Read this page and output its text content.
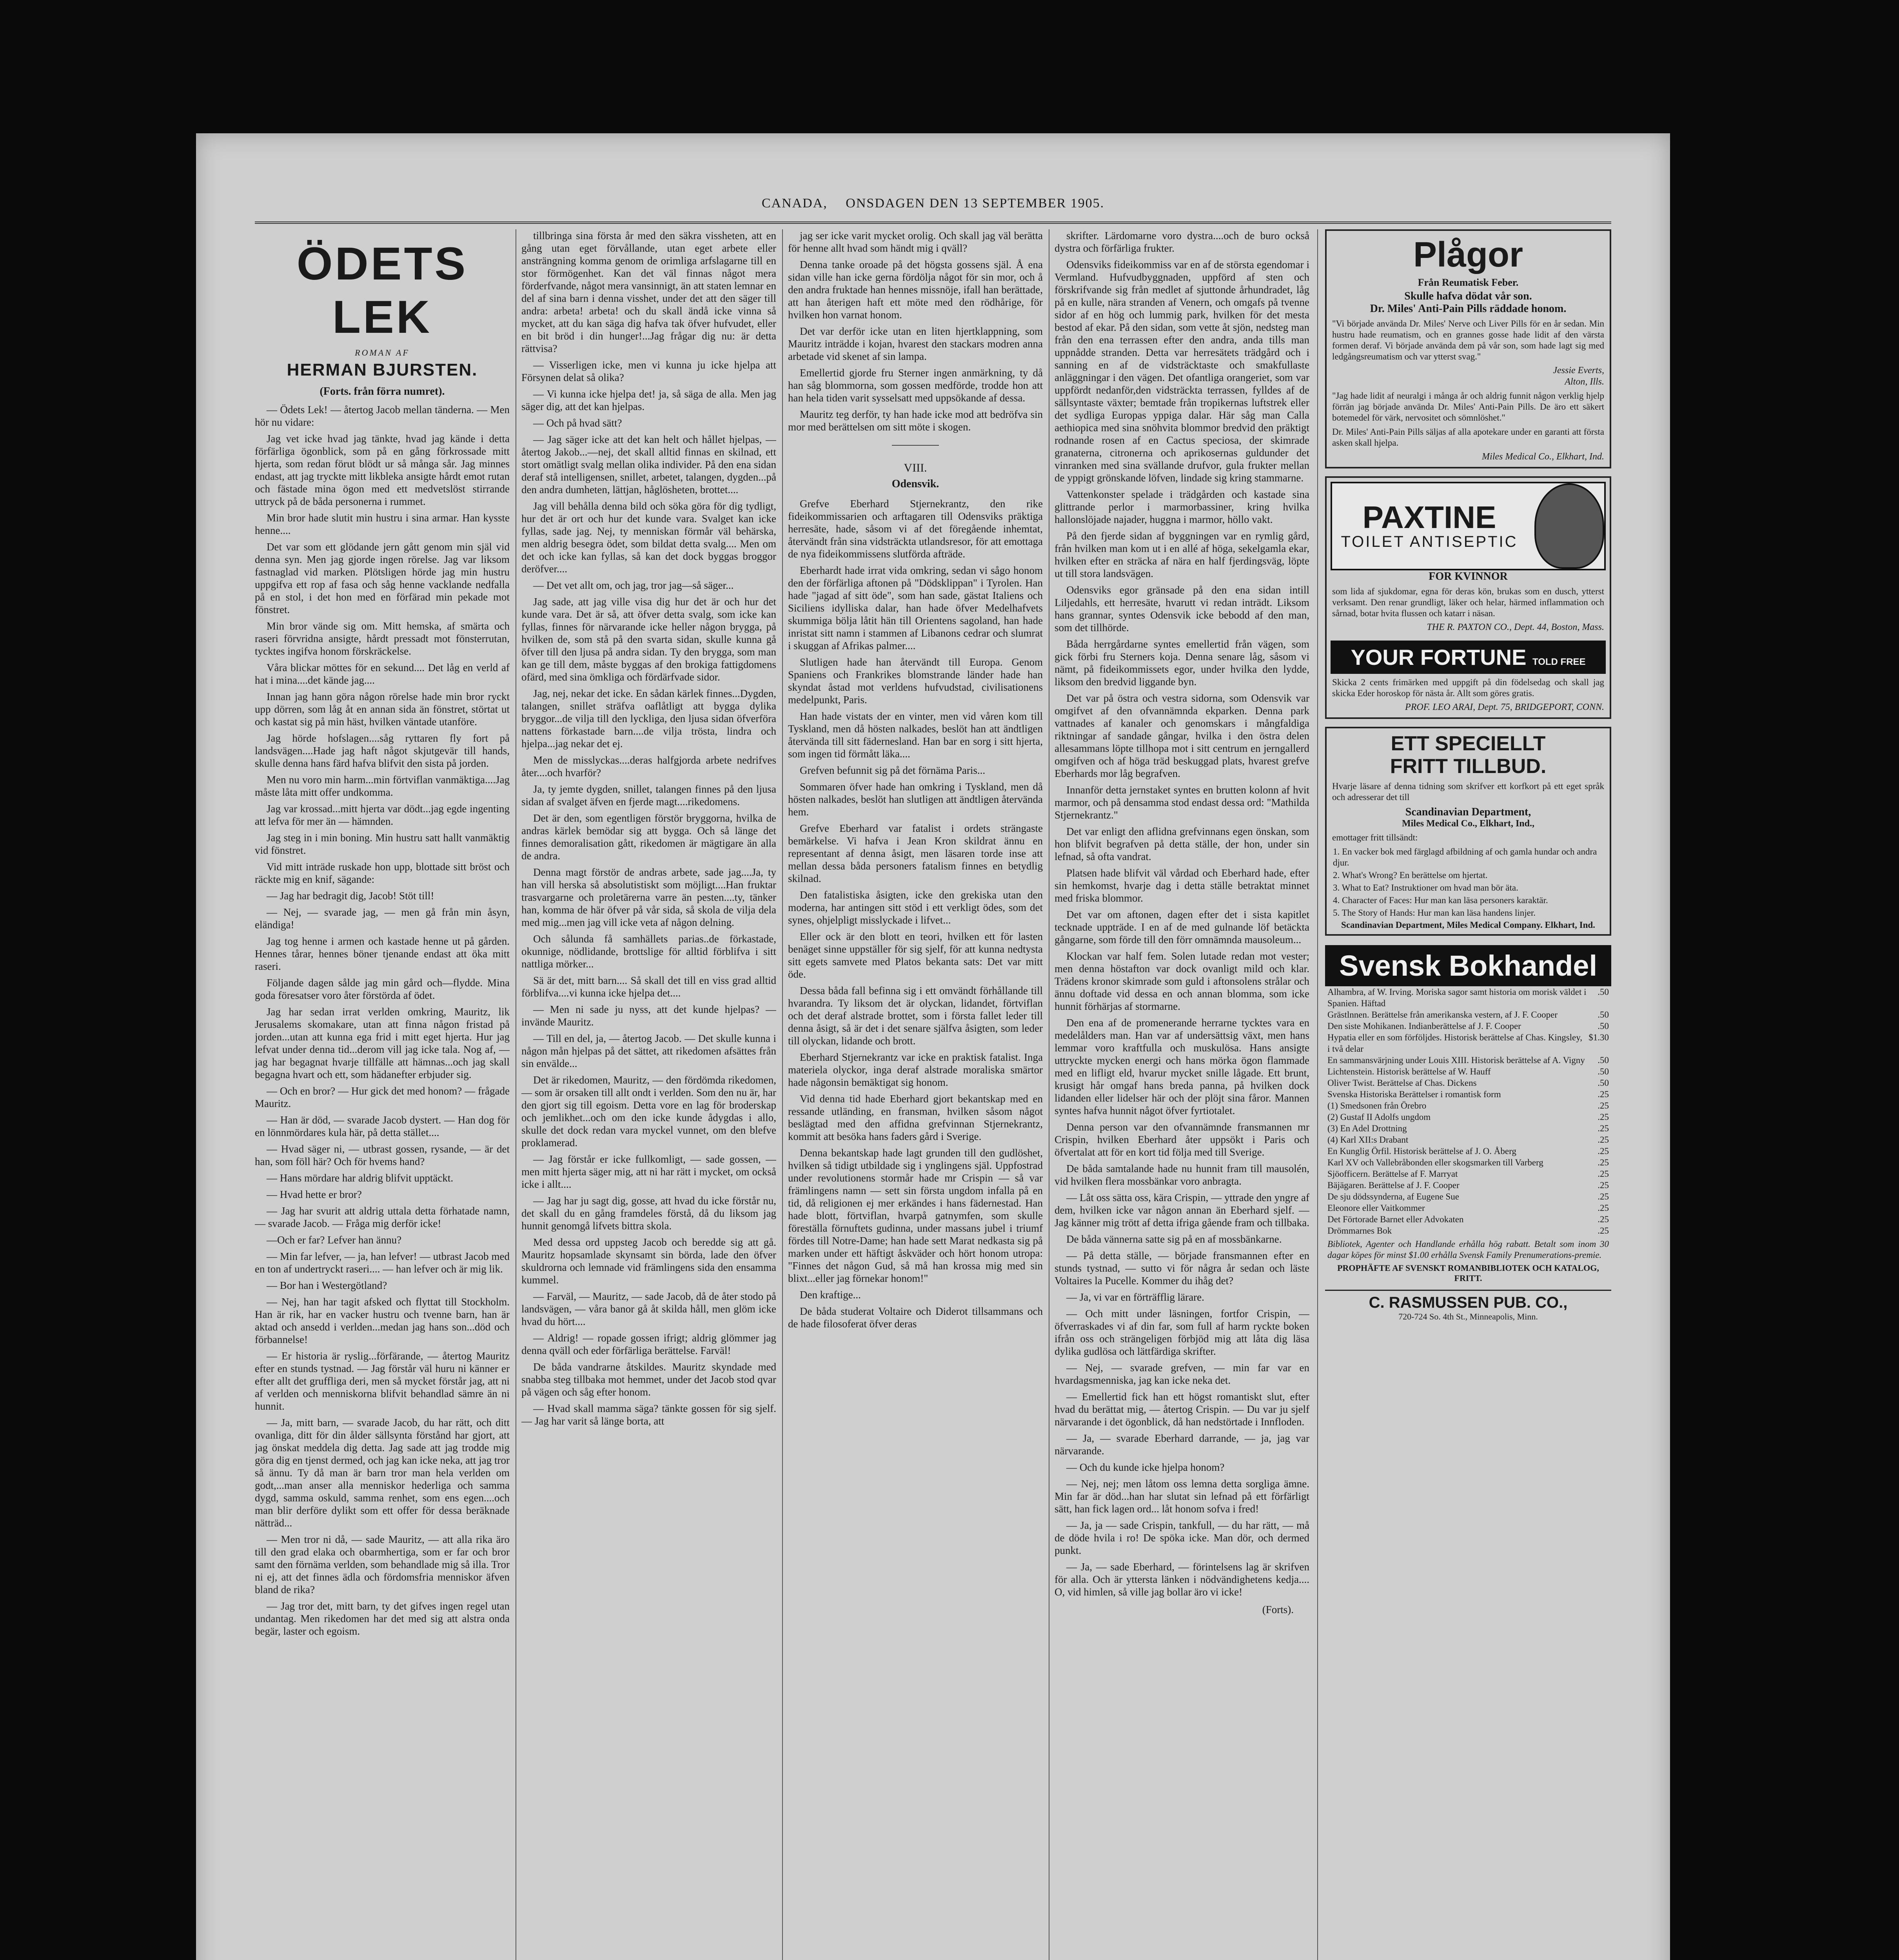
CANADA, ONSDAGEN DEN 13 SEPTEMBER 1905.
ÖDETS LEK
ROMAN AF
HERMAN BJURSTEN.
(Forts. från förra numret).

— Ödets Lek! — återtog Jacob mellan tänderna. — Men hör nu vidare:

Jag vet icke hvad jag tänkte, hvad jag kände i detta förfärliga ögonblick, som på en gång förkrossade mitt hjerta, som redan förut blödt ur så många sår. Jag minnes endast, att jag tryckte mitt likbleka ansigte hårdt emot rutan och fästade mina ögon med ett medvetslöst stirrande uttryck på de båda personerna i rummet.

Min bror hade slutit min hustru i sina armar. Han kysste henne....

Det var som ett glödande jern gått genom min själ vid denna syn. Men jag gjorde ingen rörelse. Jag var liksom fastnaglad vid marken. Plötsligen hörde jag min hustru uppgifva ett rop af fasa och såg henne vacklande nedfalla på en stol, i det hon med en förfärad min pekade mot fönstret.

Min bror vände sig om. Mitt hemska, af smärta och raseri förvridna ansigte, hårdt pressadt mot fönsterrutan, tycktes ingifva honom förskräckelse.

Våra blickar möttes för en sekund.... Det låg en verld af hat i mina....det kände jag....

Innan jag hann göra någon rörelse hade min bror ryckt upp dörren, som låg åt en annan sida än fönstret, störtat ut och kastat sig på min häst, hvilken väntade utanföre.

Jag hörde hofslagen....såg ryttaren fly fort på landsvägen....Hade jag haft något skjutgevär till hands, skulle denna hans färd hafva blifvit den sista på jorden.

Men nu voro min harm...min förtviflan vanmäktiga....Jag måste låta mitt offer undkomma.

Jag var krossad...mitt hjerta var dödt...jag egde ingenting att lefva för mer än — hämnden.

Jag steg in i min boning. Min hustru satt hallt vanmäktig vid fönstret.

Vid mitt inträde ruskade hon upp, blottade sitt bröst och räckte mig en knif, sägande:

— Jag har bedragit dig, Jacob! Stöt till!

— Nej, — svarade jag, — men gå från min åsyn, eländiga!

Jag tog henne i armen och kastade henne ut på gården. Hennes tårar, hennes böner tjenande endast att öka mitt raseri.

Följande dagen sålde jag min gård och—flydde. Mina goda föresatser voro åter förstörda af ödet.

Jag har sedan irrat verlden omkring, Mauritz, lik Jerusalems skomakare, utan att finna någon fristad på jorden...utan att kunna ega frid i mitt eget hjerta. Hur jag lefvat under denna tid...derom vill jag icke tala. Nog af, — jag har begagnat hvarje tillfälle att hämnas...och jag skall begagna hvart och ett, som hädanefter erbjuder sig.

— Och en bror? — Hur gick det med honom? — frågade Mauritz.

— Han är död, — svarade Jacob dystert. — Han dog för en lönnmördares kula här, på detta stället....

— Hvad säger ni, — utbrast gossen, rysande, — är det han, som föll här? Och för hvems hand?

— Hans mördare har aldrig blifvit upptäckt.

— Hvad hette er bror?

— Jag har svurit att aldrig uttala detta förhatade namn, — svarade Jacob. — Fråga mig derför icke!

—Och er far? Lefver han ännu?

— Min far lefver, — ja, han lefver! — utbrast Jacob med en ton af undertryckt raseri.... — han lefver och är mig lik.

— Bor han i Westergötland?

— Nej, han har tagit afsked och flyttat till Stockholm. Han är rik, har en vacker hustru och tvenne barn, han är aktad och ansedd i verlden...medan jag hans son...död och förbannelse!

— Er historia är ryslig...förfärande, — återtog Mauritz efter en stunds tystnad. — Jag förstår väl huru ni känner er efter allt det gruffliga deri, men så mycket förstår jag, att ni af verlden och menniskorna blifvit behandlad sämre än ni hunnit.

— Ja, mitt barn, — svarade Jacob, du har rätt, och ditt ovanliga, ditt för din ålder sällsynta förstånd har gjort, att jag önskat meddela dig detta. Jag sade att jag trodde mig göra dig en tjenst dermed, och jag kan icke neka, att jag tror så ännu. Ty då man är barn tror man hela verlden om godt,...man anser alla menniskor hederliga och samma dygd, samma oskuld, samma renhet, som ens egen....och man blir derföre dylikt som ett offer för dessa beräknade nätträd...

— Men tror ni då, — sade Mauritz, — att alla rika äro till den grad elaka och obarmhertiga, som er far och bror samt den förnäma verlden, som behandlade mig så illa. Tror ni ej, att det finnes ädla och fördomsfria menniskor äfven bland de rika?

— Jag tror det, mitt barn, ty det gifves ingen regel utan undantag. Men rikedomen har det med sig att alstra onda begär, laster och egoism.

tillbringa sina första år med den säkra vissheten, att en gång utan eget förvållande, utan eget arbete eller ansträngning komma genom de orimliga arfslagarne till en stor förmögenhet. Kan det väl finnas något mera förderfvande, något mera vansinnigt, än att staten lemnar en del af sina barn i denna visshet, under det att den säger till andra: arbeta! arbeta! och du skall ändå icke vinna så mycket, att du kan säga dig hafva tak öfver hufvudet, eller en bit bröd i din hunger!...Jag frågar dig nu: är detta rättvisa?

— Visserligen icke, men vi kunna ju icke hjelpa att Försynen delat så olika?

— Vi kunna icke hjelpa det! ja, så säga de alla. Men jag säger dig, att det kan hjelpas.

— Och på hvad sätt?

— Jag säger icke att det kan helt och hållet hjelpas, — återtog Jakob...—nej, det skall alltid finnas en skilnad, ett stort omätligt svalg mellan olika individer. På den ena sidan deraf stå intelligensen, snillet, arbetet, talangen, dygden...på den andra dumheten, lättjan, håglösheten, brottet....

Jag vill behålla denna bild och söka göra för dig tydligt, hur det är ort och hur det kunde vara. Svalget kan icke fyllas, sade jag. Nej, ty menniskan förmår väl behärska, men aldrig besegra ödet, som bildat detta svalg.... Men om det och icke kan fyllas, så kan det dock byggas broggor deröfver....

— Det vet allt om, och jag, tror jag—så säger...

Jag sade, att jag ville visa dig hur det är och hur det kunde vara. Det är så, att öfver detta svalg, som icke kan fyllas, finnes för närvarande icke heller någon brygga, på hvilken de, som stå på den svarta sidan, skulle kunna gå öfver till den ljusa på andra sidan. Ty den brygga, som man kan ge till dem, måste byggas af den brokiga fattigdomens ofärd, med sina ömkliga och fördärfvade sidor.

Jag, nej, nekar det icke. En sådan kärlek finnes...Dygden, talangen, snillet sträfva oaflåtligt att bygga dylika bryggor...de vilja till den lyckliga, den ljusa sidan öfverföra nattens förkastade barn....de vilja trösta, lindra och hjelpa...jag nekar det ej.

Men de misslyckas....deras halfgjorda arbete nedrifves åter....och hvarför?

Ja, ty jemte dygden, snillet, talangen finnes på den ljusa sidan af svalget äfven en fjerde magt....rikedomens.

Det är den, som egentligen förstör bryggorna, hvilka de andras kärlek bemödar sig att bygga. Och så länge det finnes demoralisation gått, rikedomen är mägtigare än alla de andra.

Denna magt förstör de andras arbete, sade jag....Ja, ty han vill herska så absolutistiskt som möjligt....Han fruktar trasvargarne och proletärerna varre än pesten....ty, tänker han, komma de här öfver på vår sida, så skola de vilja dela med mig...men jag vill icke veta af någon delning.

Och sålunda få samhällets parias..de förkastade, okunnige, nödlidande, brottslige för alltid förblifva i sitt nattliga mörker...

Sä är det, mitt barn.... Så skall det till en viss grad alltid förblifva....vi kunna icke hjelpa det....

— Men ni sade ju nyss, att det kunde hjelpas? — invände Mauritz.

— Till en del, ja, — återtog Jacob. — Det skulle kunna i någon mån hjelpas på det sättet, att rikedomen afsättes från sin envälde...

Det är rikedomen, Mauritz, — den fördömda rikedomen, — som är orsaken till allt ondt i verlden. Som den nu är, har den gjort sig till egoism. Detta vore en lag för broderskap och jemlikhet...och om den icke kunde ådygdas i allo, skulle det dock redan vara myckel vunnet, om den blefve proklamerad.

— Jag förstår er icke fullkomligt, — sade gossen, — men mitt hjerta säger mig, att ni har rätt i mycket, om också icke i allt....

— Jag har ju sagt dig, gosse, att hvad du icke förstår nu, det skall du en gång framdeles förstå, då du liksom jag hunnit genomgå lifvets bittra skola.

Med dessa ord uppsteg Jacob och beredde sig att gå. Mauritz hopsamlade skynsamt sin börda, lade den öfver skuldrorna och lemnade vid främlingens sida den ensamma kummel.

— Farväl, — Mauritz, — sade Jacob, då de åter stodo på landsvägen, — våra banor gå åt skilda håll, men glöm icke hvad du hört....

— Aldrig! — ropade gossen ifrigt; aldrig glömmer jag denna qväll och eder förfärliga berättelse. Farväl!

De båda vandrarne åtskildes. Mauritz skyndade med snabba steg tillbaka mot hemmet, under det Jacob stod qvar på vägen och såg efter honom.

— Hvad skall mamma säga? tänkte gossen för sig sjelf. — Jag har varit så länge borta, att

jag ser icke varit mycket orolig. Och skall jag väl berätta för henne allt hvad som händt mig i qväll?

Denna tanke oroade på det högsta gossens själ. Å ena sidan ville han icke gerna fördölja något för sin mor, och å den andra fruktade han hennes missnöje, ifall han berättade, att han återigen haft ett möte med den rödhårige, för hvilken hon varnat honom.

Det var derför icke utan en liten hjertklappning, som Mauritz inträdde i kojan, hvarest den stackars modren anna arbetade vid skenet af sin lampa.

Emellertid gjorde fru Sterner ingen anmärkning, ty då han såg blommorna, som gossen medförde, trodde hon att han hela tiden varit sysselsatt med uppsökande af dessa.

Mauritz teg derför, ty han hade icke mod att bedröfva sin mor med berättelsen om sitt möte i skogen.

VIII.
Odensvik.

Grefve Eberhard Stjernekrantz, den rike fideikommissarien och arftagaren till Odensviks präktiga herresäte, hade, såsom vi af det föregående inhemtat, återvändt från sina vidsträckta utlandsresor, för att emottaga de nya fideikommissens slutförda afträde.

Eberhardt hade irrat vida omkring, sedan vi sågo honom den der förfärliga aftonen på "Dödsklippan" i Tyrolen. Han hade "jagad af sitt öde", som han sade, gästat Italiens och Siciliens idylliska dalar, han hade öfver Medelhafvets skummiga bölja låtit hän till Orientens sagoland, han hade inristat sitt namn i stammen af Libanons cedrar och slumrat i skuggan af Afrikas palmer....

Slutligen hade han återvändt till Europa. Genom Spaniens och Frankrikes blomstrande länder hade han skyndat åstad mot verldens hufvudstad, civilisationens medelpunkt, Paris.

Han hade vistats der en vinter, men vid våren kom till Tyskland, men då hösten nalkades, beslöt han att ändtligen återvända till sitt fädernesland. Han bar en sorg i sitt hjerta, som ingen tid förmått läka....

Grefven befunnit sig på det förnäma Paris...

Sommaren öfver hade han omkring i Tyskland, men då hösten nalkades, beslöt han slutligen att ändtligen återvända hem.

Grefve Eberhard var fatalist i ordets strängaste bemärkelse. Vi hafva i Jean Kron skildrat ännu en representant af denna åsigt, men läsaren torde inse att mellan dessa båda personers fatalism finnes en betydlig skilnad.

Den fatalistiska åsigten, icke den grekiska utan den moderna, har antingen sitt stöd i ett verkligt ödes, som det synes, ohjelpligt misslyckade i lifvet...

Eller ock är den blott en teori, hvilken ett för lasten benäget sinne uppställer för sig sjelf, för att kunna nedtysta sitt egets samvete med Platos bekanta sats: Det var mitt öde.

Dessa båda fall befinna sig i ett omvändt förhållande till hvarandra. Ty liksom det är olyckan, lidandet, förtviflan och det deraf alstrade brottet, som i första fallet leder till denna åsigt, så är det i det senare själfva åsigten, som leder till olyckan, lidande och brott.

Eberhard Stjernekrantz var icke en praktisk fatalist. Inga materiela olyckor, inga deraf alstrade moraliska smärtor hade någonsin bemäktigat sig honom.

Vid denna tid hade Eberhard gjort bekantskap med en ressande utländing, en fransman, hvilken såsom något beslägtad med den affidna grefvinnan Stjernekrantz, kommit att besöka hans faders gård i Sverige.

Denna bekantskap hade lagt grunden till den gudlöshet, hvilken så tidigt utbildade sig i ynglingens själ. Uppfostrad under revolutionens stormår hade mr Crispin — så var främlingens namn — sett sin första ungdom infalla på en tid, då religionen ej mer erkändes i hans fädernestad. Han hade blott, förtviflan, hvarpå gatnymfen, som skulle föreställa förnuftets gudinna, under massans jubel i triumf fördes till Notre-Dame; han hade sett Marat nedkasta sig på marken under ett häftigt åskväder och hört honom utropa: "Finnes det någon Gud, så må han krossa mig med sin blixt...eller jag förnekar honom!"

Den kraftige...

De båda studerat Voltaire och Diderot tillsammans och de hade filosoferat öfver deras

skrifter. Lärdomarne voro dystra....och de buro också dystra och förfärliga frukter.

Odensviks fideikommiss var en af de största egendomar i Vermland. Hufvudbyggnaden, uppförd af sten och förskrifvande sig från medlet af sjuttonde århundradet, låg på en kulle, nära stranden af Venern, och omgafs på tvenne sidor af en hög och lummig park, hvilken för det mesta bestod af ekar. På den sidan, som vette åt sjön, nedsteg man från den ena terrassen efter den andra, anda tills man uppnådde stranden. Detta var herresätets trädgård och i sanning en af de vidsträcktaste och smakfullaste anläggningar i den vägen. Det ofantliga orangeriet, som var uppfördt nedanför,den vidsträckta terrassen, fylldes af de sällsyntaste växter; bemtade från tropikernas luftstrek eller det sydliga Europas yppiga dalar. Här såg man Calla aethiopica med sina snöhvita blommor bredvid den präktigt rodnande rosen af en Cactus speciosa, der skimrade granaterna, citronerna och aprikosernas guldunder det vinranken med sina svällande drufvor, gula frukter mellan de yppigt grönskande löfven, lindade sig kring stammarne.

Vattenkonster spelade i trädgården och kastade sina glittrande perlor i marmorbassiner, kring hvilka hallonslöjade najader, huggna i marmor, höllo vakt.

På den fjerde sidan af byggningen var en rymlig gård, från hvilken man kom ut i en allé af höga, sekelgamla ekar, hvilken efter en sträcka af nära en half fjerdingsväg, löpte ut till stora landsvägen.

Odensviks egor gränsade på den ena sidan intill Liljedahls, ett herresäte, hvarutt vi redan inträdt. Liksom hans grannar, syntes Odensvik icke bebodd af den man, som det tillhörde.

Båda herrgårdarne syntes emellertid från vägen, som gick förbi fru Sterners koja. Denna senare låg, såsom vi nämt, på fideikommissets egor, under hvilka den lydde, liksom den bredvid liggande byn.

Det var på östra och vestra sidorna, som Odensvik var omgifvet af den ofvannämnda ekparken. Denna park vattnades af kanaler och genomskars i mångfaldiga riktningar af sandade gångar, hvilka i den östra delen allesammans löpte tillhopa mot i sitt centrum en jerngallerd omgifven och af höga träd beskuggad plats, hvarest grefve Eberhards mor låg begrafven.

Innanför detta jernstaket syntes en brutten kolonn af hvit marmor, och på densamma stod endast dessa ord: "Mathilda Stjernekrantz."

Det var enligt den aflidna grefvinnans egen önskan, som hon blifvit begrafven på detta ställe, der hon, under sin lefnad, så ofta vandrat.

Platsen hade blifvit väl vårdad och Eberhard hade, efter sin hemkomst, hvarje dag i detta ställe betraktat minnet med friska blommor.

Det var om aftonen, dagen efter det i sista kapitlet tecknade uppträde. I en af de med gulnande löf betäckta gångarne, som förde till den förr omnämnda mausoleum...

Klockan var half fem. Solen lutade redan mot vester; men denna höstafton var dock ovanligt mild och klar. Trädens kronor skimrade som guld i aftonsolens strålar och ännu doftade vid dessa en och annan blomma, som icke hunnit förhärjas af stormarne.

Den ena af de promenerande herrarne tycktes vara en medelålders man. Han var af undersättsig växt, men hans lemmar voro kraftfulla och muskulösa. Hans ansigte uttryckte mycken energi och hans mörka ögon flammade med en lifligt eld, hvarur mycket snille lågade. Ett brunt, krusigt hår omgaf hans breda panna, på hvilken dock lidanden eller lidelser här och der plöjt sina fåror. Mannen syntes hafva hunnit något öfver fyrtiotalet.

Denna person var den ofvannämnde fransmannen mr Crispin, hvilken Eberhard åter uppsökt i Paris och öfvertalat att för en kort tid följa med till Sverige.

De båda samtalande hade nu hunnit fram till mausolén, vid hvilken flera mossbänkar voro anbragta.

— Låt oss sätta oss, kära Crispin, — yttrade den yngre af dem, hvilken icke var någon annan än Eberhard sjelf. — Jag känner mig trött af detta ifriga gående fram och tillbaka.

De båda vännerna satte sig på en af mossbänkarne.

— På detta ställe, — började fransmannen efter en stunds tystnad, — sutto vi för några år sedan och läste Voltaires la Pucelle. Kommer du ihåg det?

— Ja, vi var en förträfflig lärare.

— Och mitt under läsningen, fortfor Crispin, — öfverraskades vi af din far, som full af harm ryckte boken ifrån oss och strängeligen förbjöd mig att låta dig läsa dylika gudlösa och lättfärdiga skrifter.

— Nej, — svarade grefven, — min far var en hvardagsmenniska, jag kan icke neka det.

— Emellertid fick han ett högst romantiskt slut, efter hvad du berättat mig, — återtog Crispin. — Du var ju sjelf närvarande i det ögonblick, då han nedstörtade i Innfloden.

— Ja, — svarade Eberhard darrande, — ja, jag var närvarande.

— Och du kunde icke hjelpa honom?

— Nej, nej; men låtom oss lemna detta sorgliga ämne. Min far är död...han har slutat sin lefnad på ett förfärligt sätt, han fick lagen ord... låt honom sofva i fred!

— Ja, ja — sade Crispin, tankfull, — du har rätt, — må de döde hvila i ro! De spöka icke. Man dör, och dermed punkt.

— Ja, — sade Eberhard, — förintelsens lag är skrifven för alla. Och är yttersta länken i nödvändighetens kedja.... O, vid himlen, så ville jag bollar äro vi icke!

(Forts).
Plågor
Från Reumatisk Feber.
Skulle hafva dödat vår son.
Dr. Miles' Anti-Pain Pills räddade honom.
"Vi började använda Dr. Miles' Nerve och Liver Pills för en år sedan. Min hustru hade reumatism, och en grannes gosse hade lidit af den värsta formen deraf. Vi började använda dem på vår son, som hade lagt sig med ledgångsreumatism och var ytterst svag."
Jessie Everts,
Alton, Ills.
"Jag hade lidit af neuralgi i många år och aldrig funnit någon verklig hjelp förrän jag började använda Dr. Miles' Anti-Pain Pills. De äro ett säkert botemedel för värk, nervositet och sömnlöshet."
Dr. Miles' Anti-Pain Pills säljas af alla apotekare under en garanti att första asken skall hjelpa.
Miles Medical Co., Elkhart, Ind.
PAXTINE
TOILET ANTISEPTIC
FOR KVINNOR
som lida af sjukdomar, egna för deras kön, brukas som en dusch, ytterst verksamt. Den renar grundligt, läker och helar, härmed inflammation och sårnad, botar hvita flussen och katarr i näsan.
THE R. PAXTON CO., Dept. 44, Boston, Mass.
YOUR FORTUNE TOLD FREE
Skicka 2 cents frimärken med uppgift på din födelsedag och skall jag skicka Eder horoskop för nästa år. Allt som göres gratis.
PROF. LEO ARAI, Dept. 75, BRIDGEPORT, CONN.
ETT SPECIELLT
FRITT TILLBUD.
Hvarje läsare af denna tidning som skrifver ett korfkort på ett eget språk och adresserar det till
Scandinavian Department,
Miles Medical Co., Elkhart, Ind.,
emottager fritt tillsändt:
1. En vacker bok med färglagd afbildning af och gamla hundar och andra djur.
2. What's Wrong? En berättelse om hjertat.
3. What to Eat? Instruktioner om hvad man bör äta.
4. Character of Faces: Hur man kan läsa personers karaktär.
5. The Story of Hands: Hur man kan läsa handens linjer.
Scandinavian Department, Miles Medical Company. Elkhart, Ind.
Svensk Bokhandel
Alhambra, af W. Irving. Moriska sagor samt historia om morisk väldet i Spanien. Häftad
.50
Grästlnnen. Berättelse från amerikanska vestern, af J. F. Cooper	.50
Den siste Mohikanen. Indianberättelse af J. F. Cooper	.50
Hypatia eller en som förföljdes. Historisk berättelse af Chas. Kingsley, i två delar
$1.30
En sammansvärjning under Louis XIII. Historisk berättelse af A. Vigny	.50
Lichtenstein. Historisk berättelse af W. Hauff	.50
Oliver Twist. Berättelse af Chas. Dickens	.50
Svenska Historiska Berättelser i romantisk form	.25
(1) Smedsonen från Örebro	.25
(2) Gustaf II Adolfs ungdom	.25
(3) En Adel Drottning	.25
(4) Karl XII:s Drabant	.25
En Kunglig Örfil. Historisk berättelse af J. O. Åberg	.25
Karl XV och Vallebråbonden eller skogsmarken till Varberg	.25
Sjöofficern. Berättelse af F. Marryat	.25
Bäjägaren. Berättelse af J. F. Cooper	.25
De sju dödssynderna, af Eugene Sue	.25
Eleonore eller Vaitkommer	.25
Det Förtorade Barnet eller Advokaten	.25
Drömmarnes Bok	.25
Bibliotek, Agenter och Handlande erhålla hög rabatt. Betalt som inom 30 dagar köpes för minst $1.00 erhålla Svensk Family Prenumerations-premie.
PROPHÄFTE AF SVENSKT ROMANBIBLIOTEK OCH KATALOG, FRITT.
C. RASMUSSEN PUB. CO.,
720-724 So. 4th St., Minneapolis, Minn.
